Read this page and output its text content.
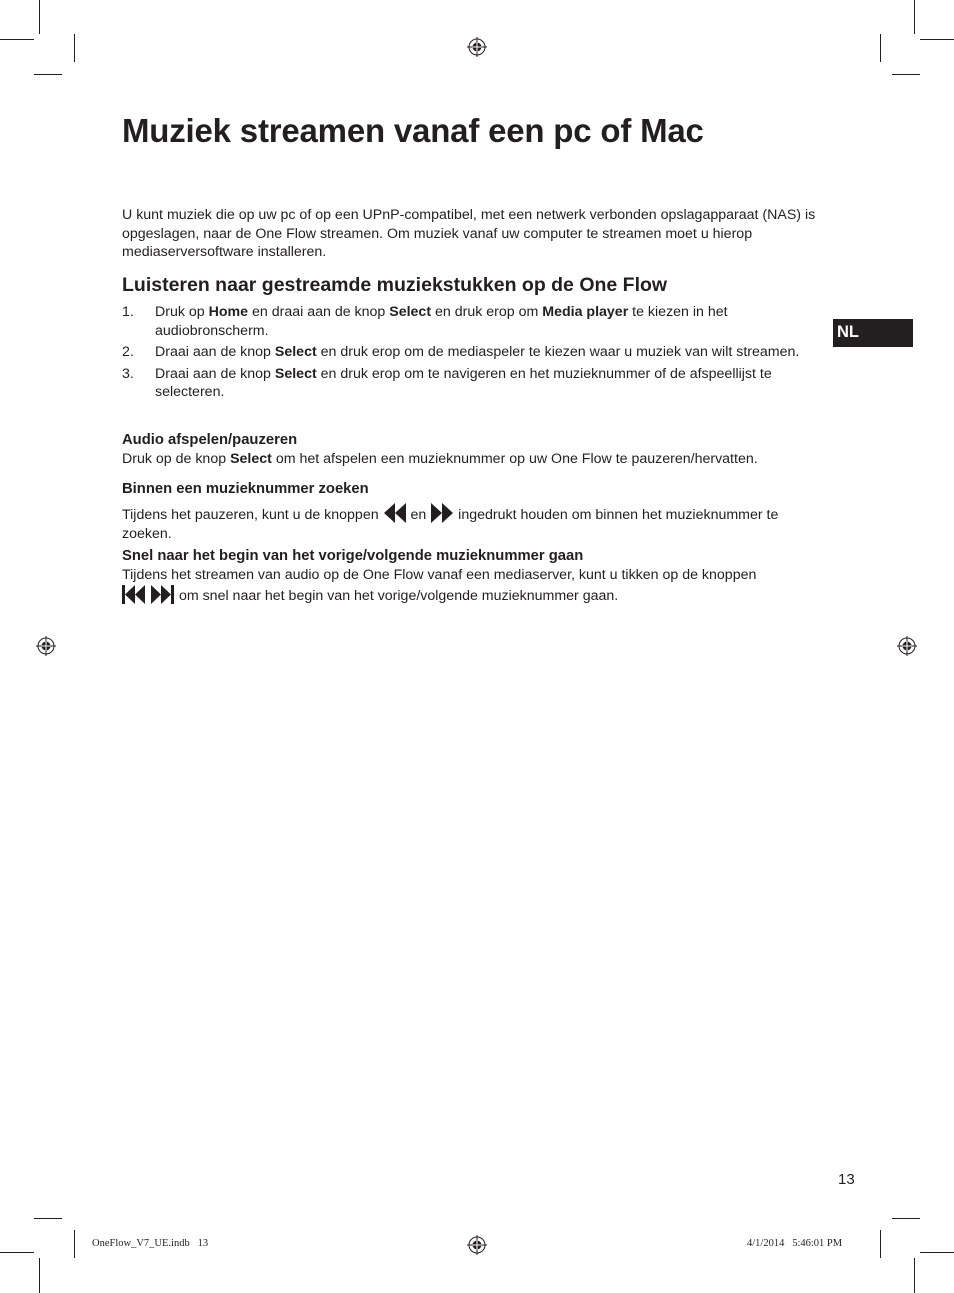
Muziek streamen vanaf een pc of Mac

U kunt muziek die op uw pc of op een UPnP-compatibel, met een netwerk verbonden opslagapparaat (NAS) is opgeslagen, naar de One Flow streamen. Om muziek vanaf uw computer te streamen moet u hierop mediaserversoftware installeren.

Luisteren naar gestreamde muziekstukken op de One Flow
1. Druk op Home en draai aan de knop Select en druk erop om Media player te kiezen in het audiobronscherm.
2. Draai aan de knop Select en druk erop om de mediaspeler te kiezen waar u muziek van wilt streamen.
3. Draai aan de knop Select en druk erop om te navigeren en het muzieknummer of de afspeellijst te selecteren.
Audio afspelen/pauzeren
Druk op de knop Select om het afspelen een muzieknummer op uw One Flow te pauzeren/hervatten.
Binnen een muzieknummer zoeken
Tijdens het pauzeren, kunt u de knoppen  en  ingedrukt houden om binnen het muzieknummer te zoeken.
Snel naar het begin van het vorige/volgende muzieknummer gaan
Tijdens het streamen van audio op de One Flow vanaf een mediaserver, kunt u tikken op de knoppen
om snel naar het begin van het vorige/volgende muzieknummer gaan.
NL
13
OneFlow_V7_UE.indb   13	4/1/2014   5:46:01 PM
